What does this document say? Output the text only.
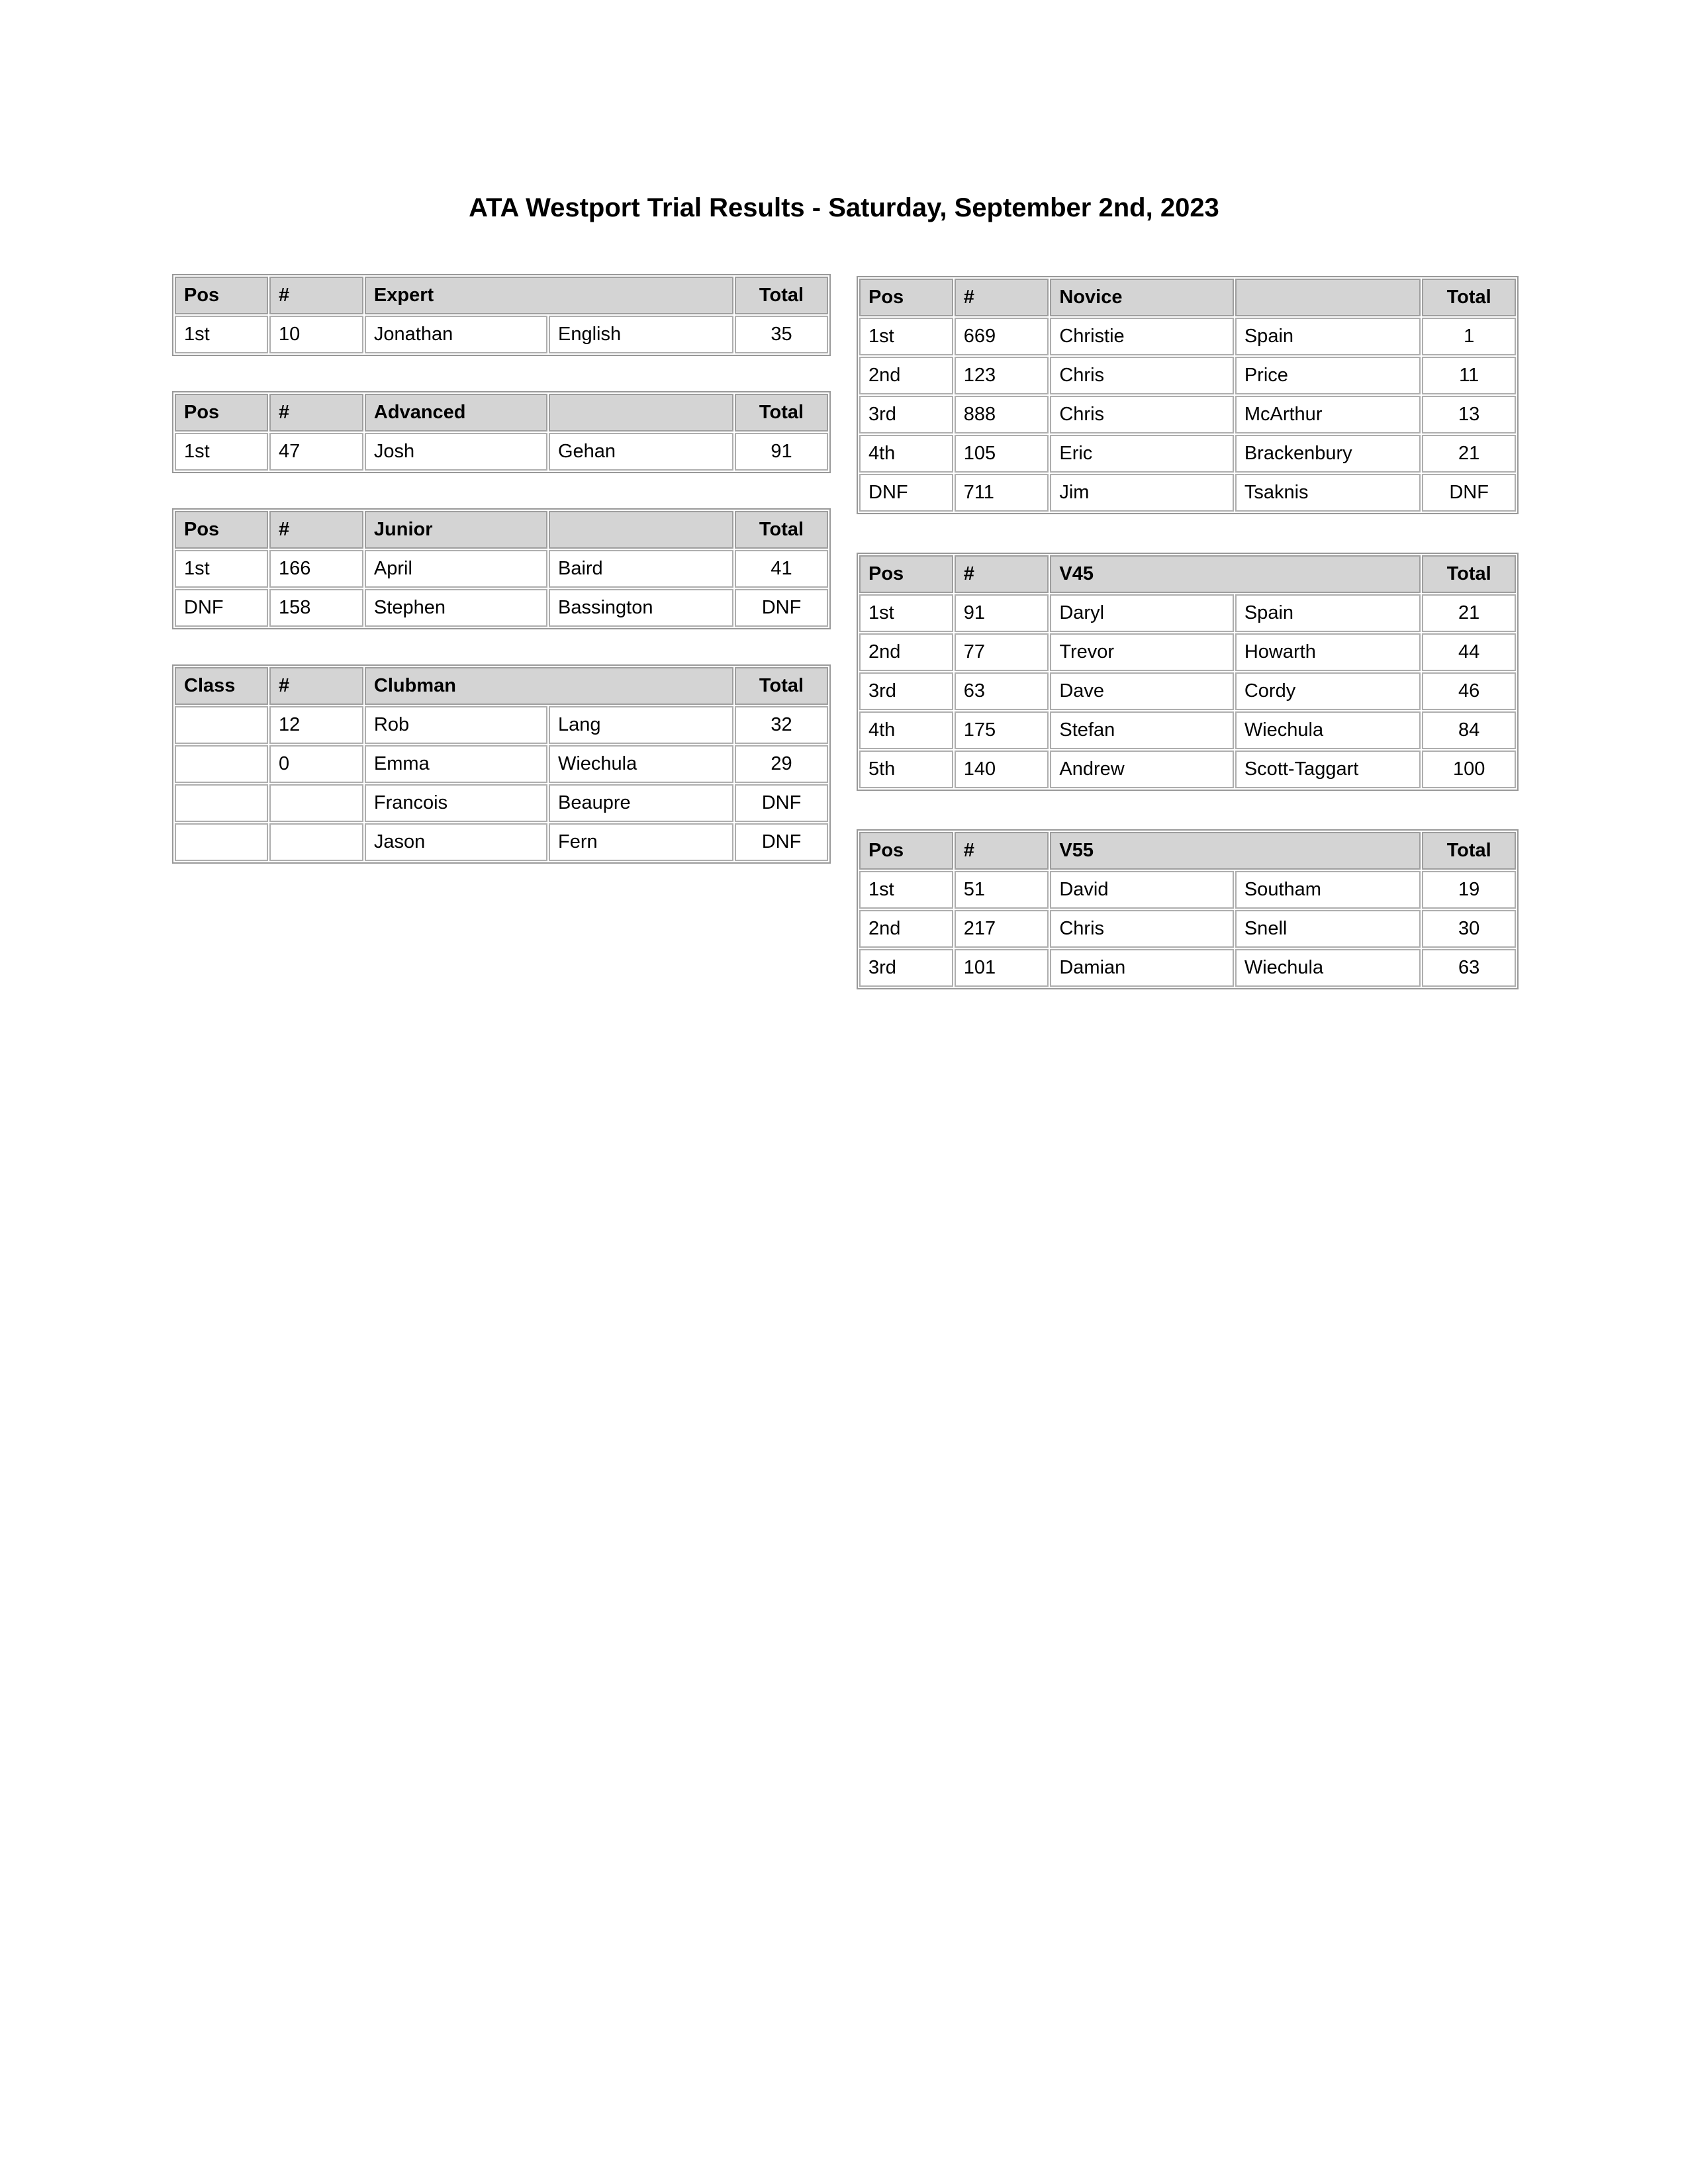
ATA Westport Trial Results - Saturday, September 2nd, 2023
Pos	#	Expert		Total
1st	10	Jonathan	English	35
Pos	#	Advanced		Total
1st	47	Josh	Gehan	91
Pos	#	Junior		Total
1st	166	April	Baird	41
DNF	158	Stephen	Bassington	DNF
Class	#	Clubman		Total
	12	Rob	Lang	32
	0	Emma	Wiechula	29
		Francois	Beaupre	DNF
		Jason	Fern	DNF
Pos	#	Novice		Total
1st	669	Christie	Spain	1
2nd	123	Chris	Price	11
3rd	888	Chris	McArthur	13
4th	105	Eric	Brackenbury	21
DNF	711	Jim	Tsaknis	DNF
Pos	#	V45		Total
1st	91	Daryl	Spain	21
2nd	77	Trevor	Howarth	44
3rd	63	Dave	Cordy	46
4th	175	Stefan	Wiechula	84
5th	140	Andrew	Scott-Taggart	100
Pos	#	V55		Total
1st	51	David	Southam	19
2nd	217	Chris	Snell	30
3rd	101	Damian	Wiechula	63
